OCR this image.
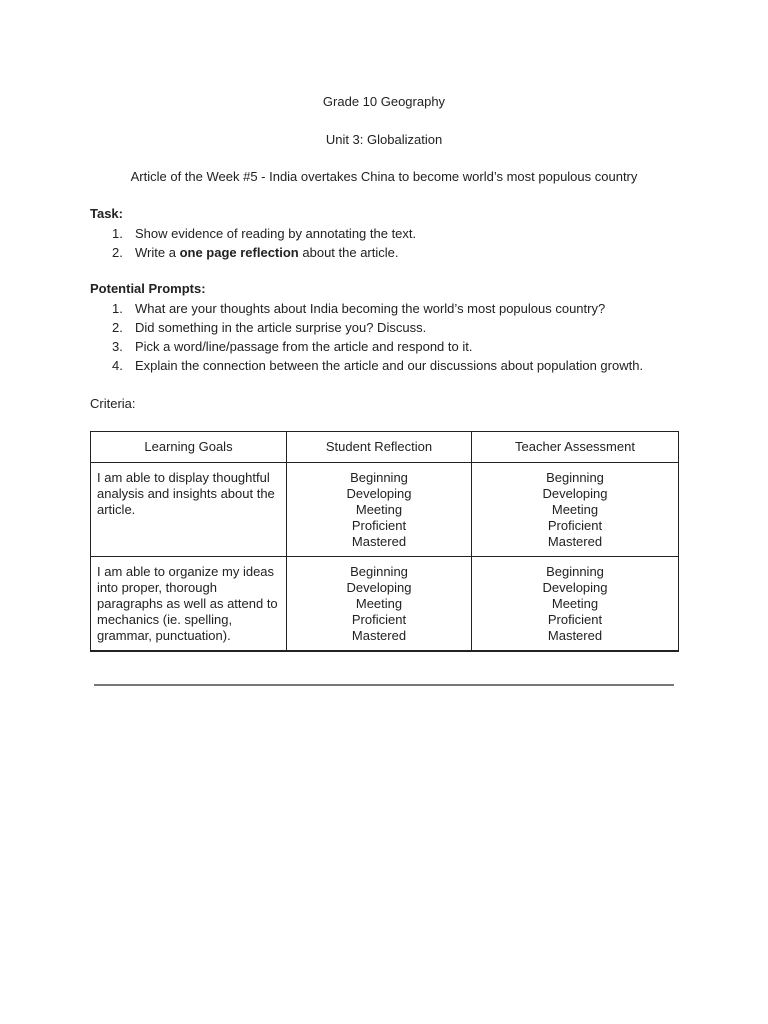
Grade 10 Geography
Unit 3: Globalization
Article of the Week #5 - India overtakes China to become world’s most populous country
Task:
1. Show evidence of reading by annotating the text.
2. Write a one page reflection about the article.
Potential Prompts:
1. What are your thoughts about India becoming the world’s most populous country?
2. Did something in the article surprise you? Discuss.
3. Pick a word/line/passage from the article and respond to it.
4. Explain the connection between the article and our discussions about population growth.
Criteria:
Learning Goals	Student Reflection	Teacher Assessment
I am able to display thoughtful analysis and insights about the article.	Beginning
Developing
Meeting
Proficient
Mastered	Beginning
Developing
Meeting
Proficient
Mastered

I am able to organize my ideas into proper, thorough paragraphs as well as attend to mechanics (ie. spelling, grammar, punctuation).	Beginning
Developing
Meeting
Proficient
Mastered	Beginning
Developing
Meeting
Proficient
Mastered
